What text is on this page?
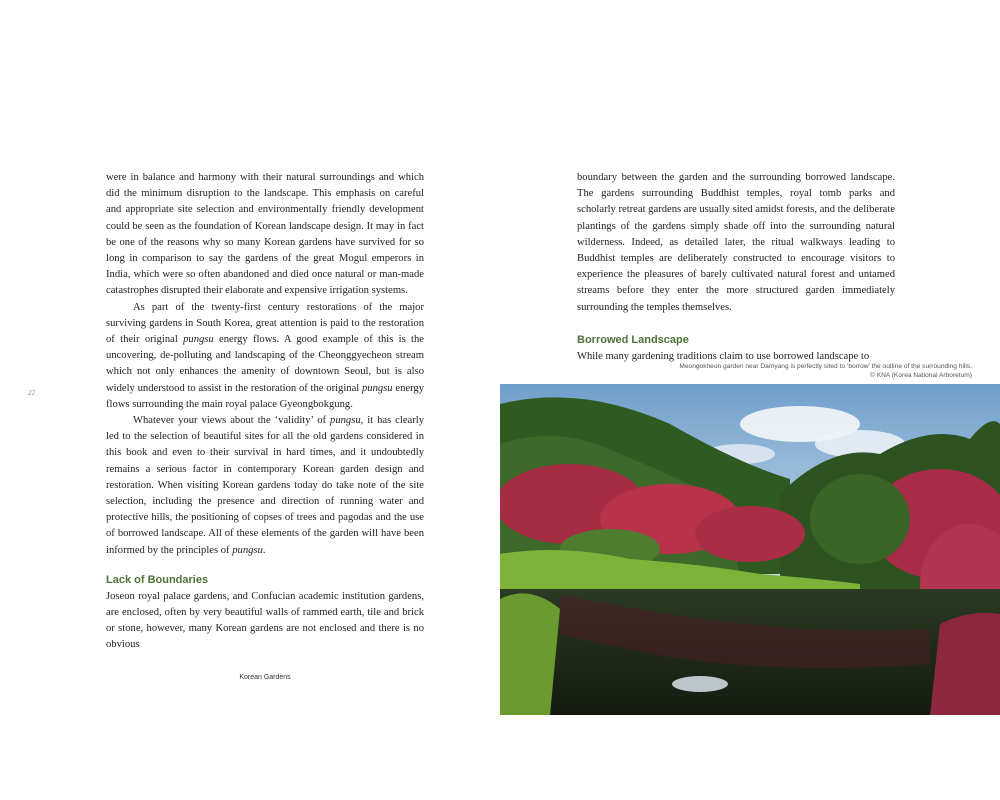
were in balance and harmony with their natural surroundings and which did the minimum disruption to the landscape. This emphasis on careful and appropriate site selection and environmentally friendly development could be seen as the foundation of Korean landscape design. It may in fact be one of the reasons why so many Korean gardens have survived for so long in comparison to say the gardens of the great Mogul emperors in India, which were so often abandoned and died once natural or man-made catastrophes disrupted their elaborate and expensive irrigation systems.

As part of the twenty-first century restorations of the major surviving gardens in South Korea, great attention is paid to the restoration of their original pungsu energy flows. A good example of this is the uncovering, de-polluting and landscaping of the Cheonggyecheon stream which not only enhances the amenity of downtown Seoul, but is also widely understood to assist in the restoration of the original pungsu energy flows surrounding the main royal palace Gyeongbokgung.

Whatever your views about the ‘validity’ of pungsu, it has clearly led to the selection of beautiful sites for all the old gardens considered in this book and even to their survival in hard times, and it undoubtedly remains a serious factor in contemporary Korean garden design and restoration. When visiting Korean gardens today do take note of the site selection, including the presence and direction of running water and protective hills, the positioning of copses of trees and pagodas and the use of borrowed landscape. All of these elements of the garden will have been informed by the principles of pungsu.

Lack of Boundaries

Joseon royal palace gardens, and Confucian academic institution gardens, are enclosed, often by very beautiful walls of rammed earth, tile and brick or stone, however, many Korean gardens are not enclosed and there is no obvious

22
Korean Gardens

boundary between the garden and the surrounding borrowed landscape. The gardens surrounding Buddhist temples, royal tomb parks and scholarly retreat gardens are usually sited amidst forests, and the deliberate plantings of the gardens simply shade off into the surrounding natural wilderness. Indeed, as detailed later, the ritual walkways leading to Buddhist temples are deliberately constructed to encourage visitors to experience the pleasures of barely cultivated natural forest and untamed streams before they enter the more structured garden immediately surrounding the temples themselves.

Borrowed Landscape

While many gardening traditions claim to use borrowed landscape to

Meongokheon garden near Damyang is perfectly sited to ‘borrow’ the outline of the surrounding hills.
© KNA (Korea National Arboretum)
